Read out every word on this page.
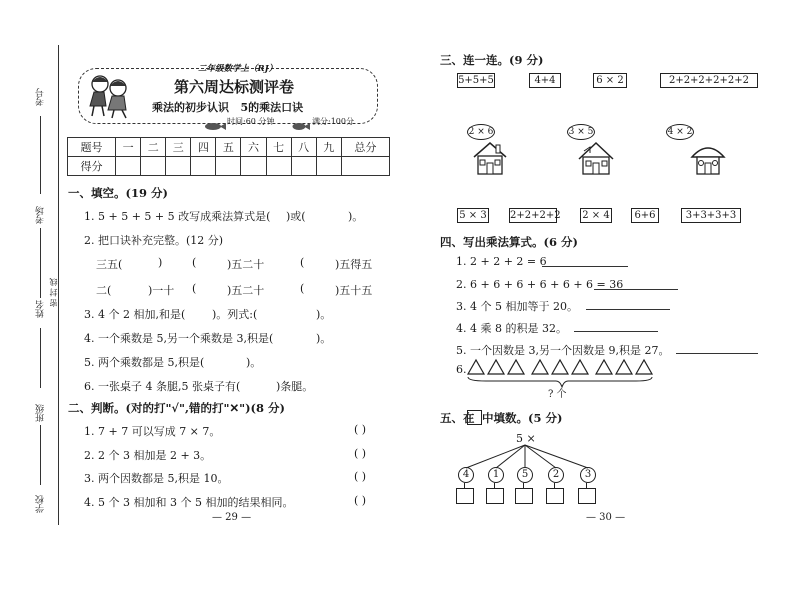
考号
考场
姓名
密 封 线
班级
学校
二年级数学上（RJ）
第六周达标测评卷
乘法的初步认识   5的乘法口诀
时间:60 分钟	满分:100分
题号	一	二	三	四	五	六	七	八	九	总分
得分										
一、填空。(19 分)
1. 5 + 5 + 5 + 5 改写成乘法算式是( )或(	)。
2. 把口诀补充完整。(12 分)
三五(	)	(	)五二十	(	)五得五
二(	)一十 (	)五二十	(	)五十五
3. 4 个 2 相加,和是( )。列式:(	)。
4. 一个乘数是 5,另一个乘数是 3,积是(	)。
5. 两个乘数都是 5,积是(	)。
6. 一张桌子 4 条腿,5 张桌子有(	)条腿。
二、判断。(对的打"√",错的打"✕")(8 分)
1. 7 + 7 可以写成 7 × 7。	( )
2. 2 个 3 相加是 2 + 3。	( )
3. 两个因数都是 5,积是 10。	( )
4. 5 个 3 相加和 3 个 5 相加的结果相同。	( )
— 29 —
三、连一连。(9 分)
5+5+5	4+4	6 × 2	2+2+2+2+2+2
2 × 6	3 × 5	4 × 2
5 × 3 2+2+2+2 2 × 4	6+6	3+3+3+3
四、写出乘法算式。(6 分)
1. 2 + 2 + 2 = 6
2. 6 + 6 + 6 + 6 + 6 + 6 = 36
3. 4 个 5 相加等于 20。
4. 4 乘 8 的积是 32。
5. 一个因数是 3,另一个因数是 9,积是 27。
6.
? 个
五、在 中填数。(5 分)
5 ×
4	1	5	2	3
— 30 —
